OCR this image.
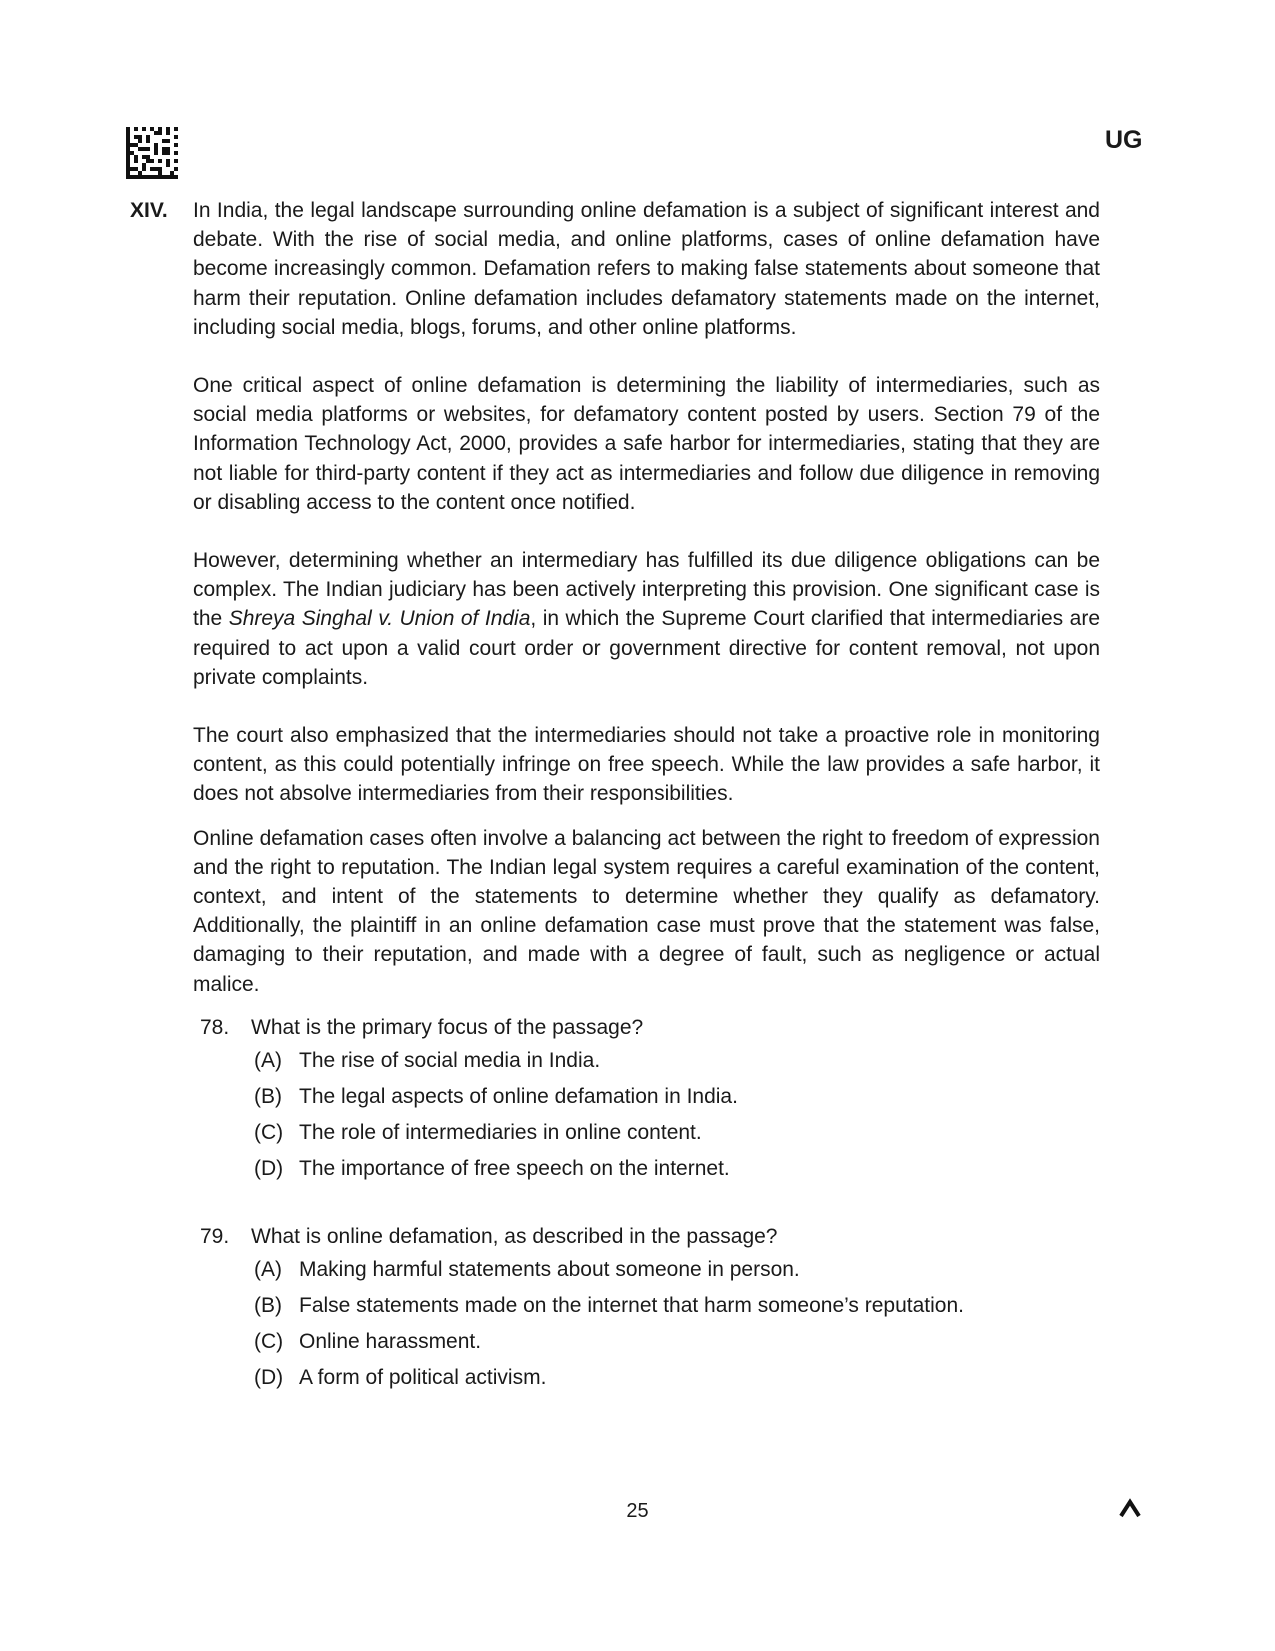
UG
XIV. In India, the legal landscape surrounding online defamation is a subject of significant interest and debate. With the rise of social media, and online platforms, cases of online defamation have become increasingly common. Defamation refers to making false statements about someone that harm their reputation. Online defamation includes defamatory statements made on the internet, including social media, blogs, forums, and other online platforms.

One critical aspect of online defamation is determining the liability of intermediaries, such as social media platforms or websites, for defamatory content posted by users. Section 79 of the Information Technology Act, 2000, provides a safe harbor for intermediaries, stating that they are not liable for third-party content if they act as intermediaries and follow due diligence in removing or disabling access to the content once notified.

However, determining whether an intermediary has fulfilled its due diligence obligations can be complex. The Indian judiciary has been actively interpreting this provision. One significant case is the Shreya Singhal v. Union of India, in which the Supreme Court clarified that intermediaries are required to act upon a valid court order or government directive for content removal, not upon private complaints.

The court also emphasized that the intermediaries should not take a proactive role in monitoring content, as this could potentially infringe on free speech. While the law provides a safe harbor, it does not absolve intermediaries from their responsibilities.

Online defamation cases often involve a balancing act between the right to freedom of expression and the right to reputation. The Indian legal system requires a careful examination of the content, context, and intent of the statements to determine whether they qualify as defamatory. Additionally, the plaintiff in an online defamation case must prove that the statement was false, damaging to their reputation, and made with a degree of fault, such as negligence or actual malice.

78. What is the primary focus of the passage?
(A) The rise of social media in India.
(B) The legal aspects of online defamation in India.
(C) The role of intermediaries in online content.
(D) The importance of free speech on the internet.
79. What is online defamation, as described in the passage?
(A) Making harmful statements about someone in person.
(B) False statements made on the internet that harm someone’s reputation.
(C) Online harassment.
(D) A form of political activism.
25
